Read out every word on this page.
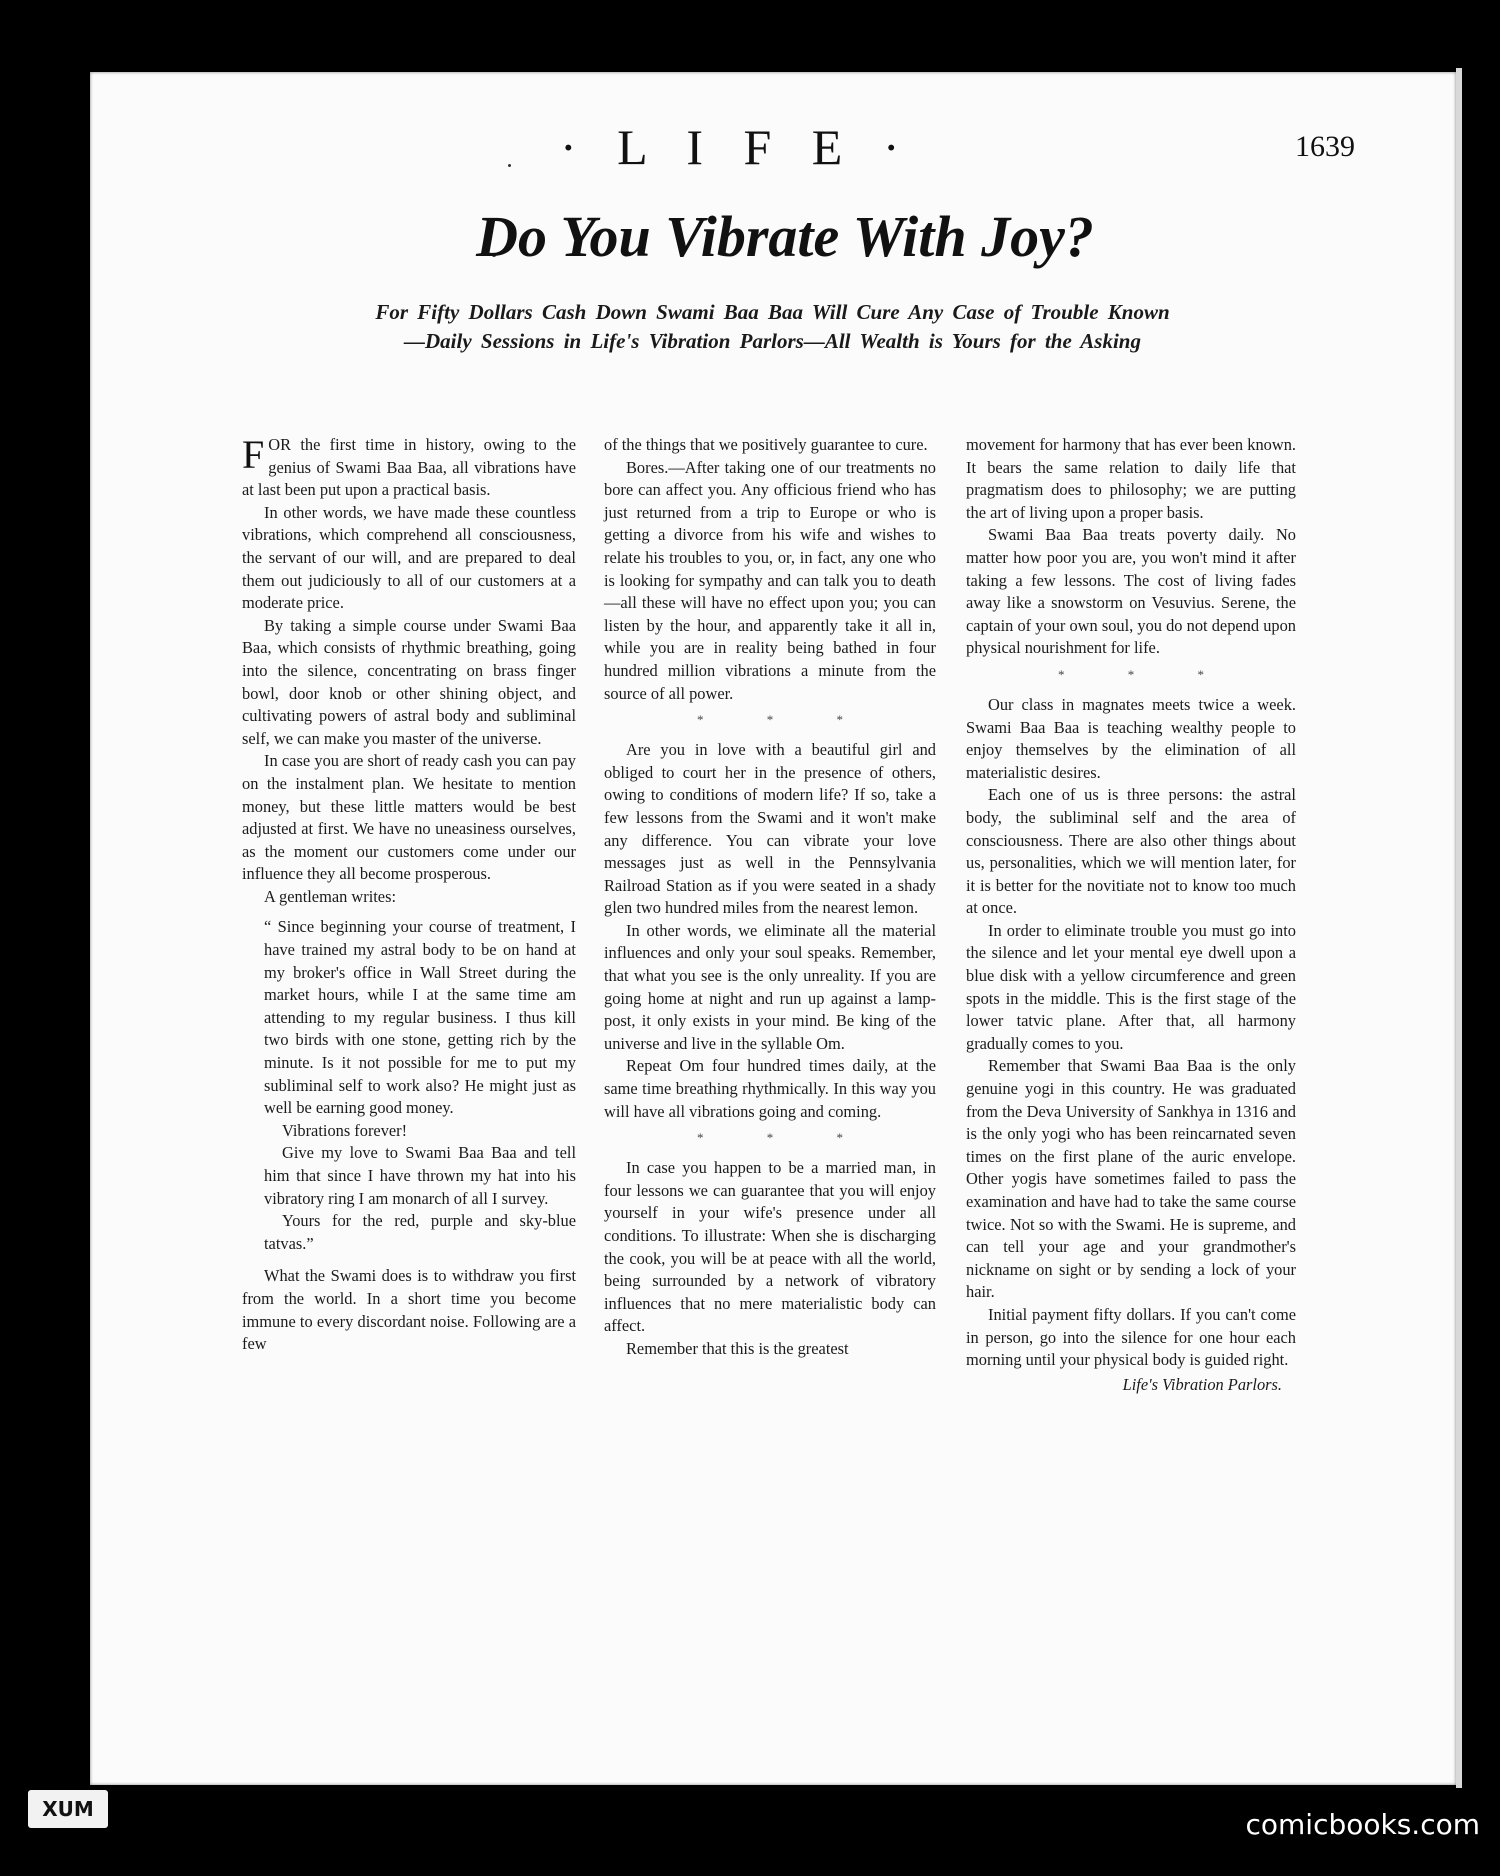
· L I F E ·	1639
Do You Vibrate With Joy?
For Fifty Dollars Cash Down Swami Baa Baa Will Cure Any Case of Trouble Known
—Daily Sessions in Life's Vibration Parlors—All Wealth is Yours for the Asking

FOR the first time in history, owing to the genius of Swami Baa Baa, all vibrations have at last been put upon a practical basis.

In other words, we have made these countless vibrations, which comprehend all consciousness, the servant of our will, and are prepared to deal them out judiciously to all of our customers at a moderate price.

By taking a simple course under Swami Baa Baa, which consists of rhythmic breathing, going into the silence, concentrating on brass finger bowl, door knob or other shining object, and cultivating powers of astral body and subliminal self, we can make you master of the universe.

In case you are short of ready cash you can pay on the instalment plan. We hesitate to mention money, but these little matters would be best adjusted at first. We have no uneasiness ourselves, as the moment our customers come under our influence they all become prosperous.

A gentleman writes:

“ Since beginning your course of treatment, I have trained my astral body to be on hand at my broker's office in Wall Street during the market hours, while I at the same time am attending to my regular business. I thus kill two birds with one stone, getting rich by the minute. Is it not possible for me to put my subliminal self to work also? He might just as well be earning good money.

Vibrations forever!

Give my love to Swami Baa Baa and tell him that since I have thrown my hat into his vibratory ring I am monarch of all I survey.

Yours for the red, purple and sky-blue tatvas.”

What the Swami does is to withdraw you first from the world. In a short time you become immune to every discordant noise. Following are a few

of the things that we positively guarantee to cure.

Bores.—After taking one of our treatments no bore can affect you. Any officious friend who has just returned from a trip to Europe or who is getting a divorce from his wife and wishes to relate his troubles to you, or, in fact, any one who is looking for sympathy and can talk you to death—all these will have no effect upon you; you can listen by the hour, and apparently take it all in, while you are in reality being bathed in four hundred million vibrations a minute from the source of all power.

* * *

Are you in love with a beautiful girl and obliged to court her in the presence of others, owing to conditions of modern life? If so, take a few lessons from the Swami and it won't make any difference. You can vibrate your love messages just as well in the Pennsylvania Railroad Station as if you were seated in a shady glen two hundred miles from the nearest lemon.

In other words, we eliminate all the material influences and only your soul speaks. Remember, that what you see is the only unreality. If you are going home at night and run up against a lamp-post, it only exists in your mind. Be king of the universe and live in the syllable Om.

Repeat Om four hundred times daily, at the same time breathing rhythmically. In this way you will have all vibrations going and coming.

* * *

In case you happen to be a married man, in four lessons we can guarantee that you will enjoy yourself in your wife's presence under all conditions. To illustrate: When she is discharging the cook, you will be at peace with all the world, being surrounded by a network of vibratory influences that no mere materialistic body can affect.

Remember that this is the greatest

movement for harmony that has ever been known. It bears the same relation to daily life that pragmatism does to philosophy; we are putting the art of living upon a proper basis.

Swami Baa Baa treats poverty daily. No matter how poor you are, you won't mind it after taking a few lessons. The cost of living fades away like a snowstorm on Vesuvius. Serene, the captain of your own soul, you do not depend upon physical nourishment for life.

* * *

Our class in magnates meets twice a week. Swami Baa Baa is teaching wealthy people to enjoy themselves by the elimination of all materialistic desires.

Each one of us is three persons: the astral body, the subliminal self and the area of consciousness. There are also other things about us, personalities, which we will mention later, for it is better for the novitiate not to know too much at once.

In order to eliminate trouble you must go into the silence and let your mental eye dwell upon a blue disk with a yellow circumference and green spots in the middle. This is the first stage of the lower tatvic plane. After that, all harmony gradually comes to you.

Remember that Swami Baa Baa is the only genuine yogi in this country. He was graduated from the Deva University of Sankhya in 1316 and is the only yogi who has been reincarnated seven times on the first plane of the auric envelope. Other yogis have sometimes failed to pass the examination and have had to take the same course twice. Not so with the Swami. He is supreme, and can tell your age and your grandmother's nickname on sight or by sending a lock of your hair.

Initial payment fifty dollars. If you can't come in person, go into the silence for one hour each morning until your physical body is guided right.

Life's Vibration Parlors.
XUM	comicbooks.com
